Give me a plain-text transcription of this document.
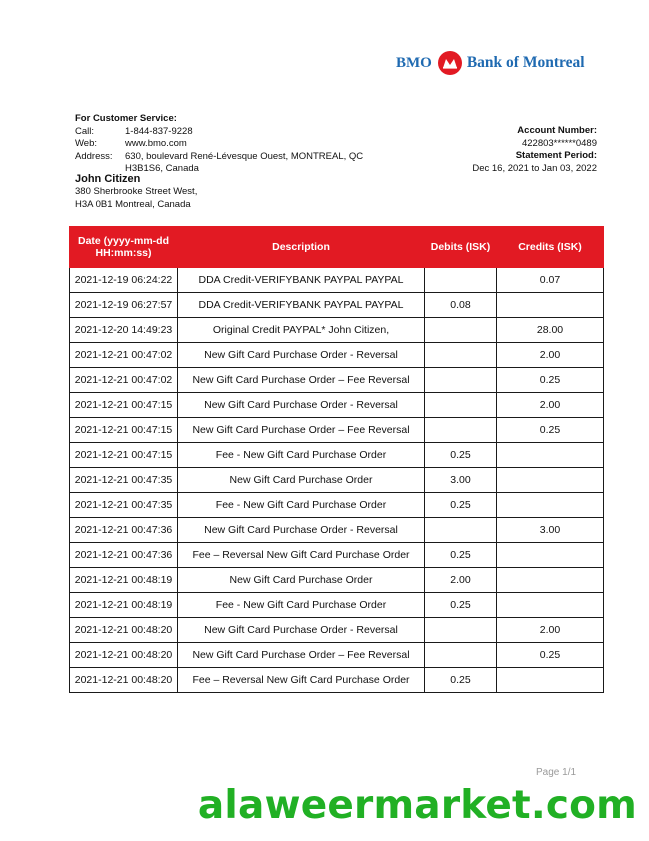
BMO Bank of Montreal
For Customer Service:
Call:	1-844-837-9228
Web:	www.bmo.com
Address:	630, boulevard René-Lévesque Ouest, MONTREAL, QC
H3B1S6, Canada
John Citizen
380 Sherbrooke Street West,
H3A 0B1 Montreal, Canada
Account Number:
422803******0489
Statement Period:
Dec 16, 2021 to Jan 03, 2022
Date (yyyy-mm-dd HH:mm:ss)	Description	Debits (ISK)	Credits (ISK)
2021-12-19 06:24:22	DDA Credit-VERIFYBANK PAYPAL PAYPAL		0.07
2021-12-19 06:27:57	DDA Credit-VERIFYBANK PAYPAL PAYPAL	0.08	
2021-12-20 14:49:23	Original Credit PAYPAL* John Citizen,		28.00
2021-12-21 00:47:02	New Gift Card Purchase Order - Reversal		2.00
2021-12-21 00:47:02	New Gift Card Purchase Order – Fee Reversal		0.25
2021-12-21 00:47:15	New Gift Card Purchase Order - Reversal		2.00
2021-12-21 00:47:15	New Gift Card Purchase Order – Fee Reversal		0.25
2021-12-21 00:47:15	Fee - New Gift Card Purchase Order	0.25	
2021-12-21 00:47:35	New Gift Card Purchase Order	3.00	
2021-12-21 00:47:35	Fee - New Gift Card Purchase Order	0.25	
2021-12-21 00:47:36	New Gift Card Purchase Order - Reversal		3.00
2021-12-21 00:47:36	Fee – Reversal New Gift Card Purchase Order	0.25	
2021-12-21 00:48:19	New Gift Card Purchase Order	2.00	
2021-12-21 00:48:19	Fee - New Gift Card Purchase Order	0.25	
2021-12-21 00:48:20	New Gift Card Purchase Order - Reversal		2.00
2021-12-21 00:48:20	New Gift Card Purchase Order – Fee Reversal		0.25
2021-12-21 00:48:20	Fee – Reversal New Gift Card Purchase Order	0.25	
Page 1/1
alaweermarket.com
